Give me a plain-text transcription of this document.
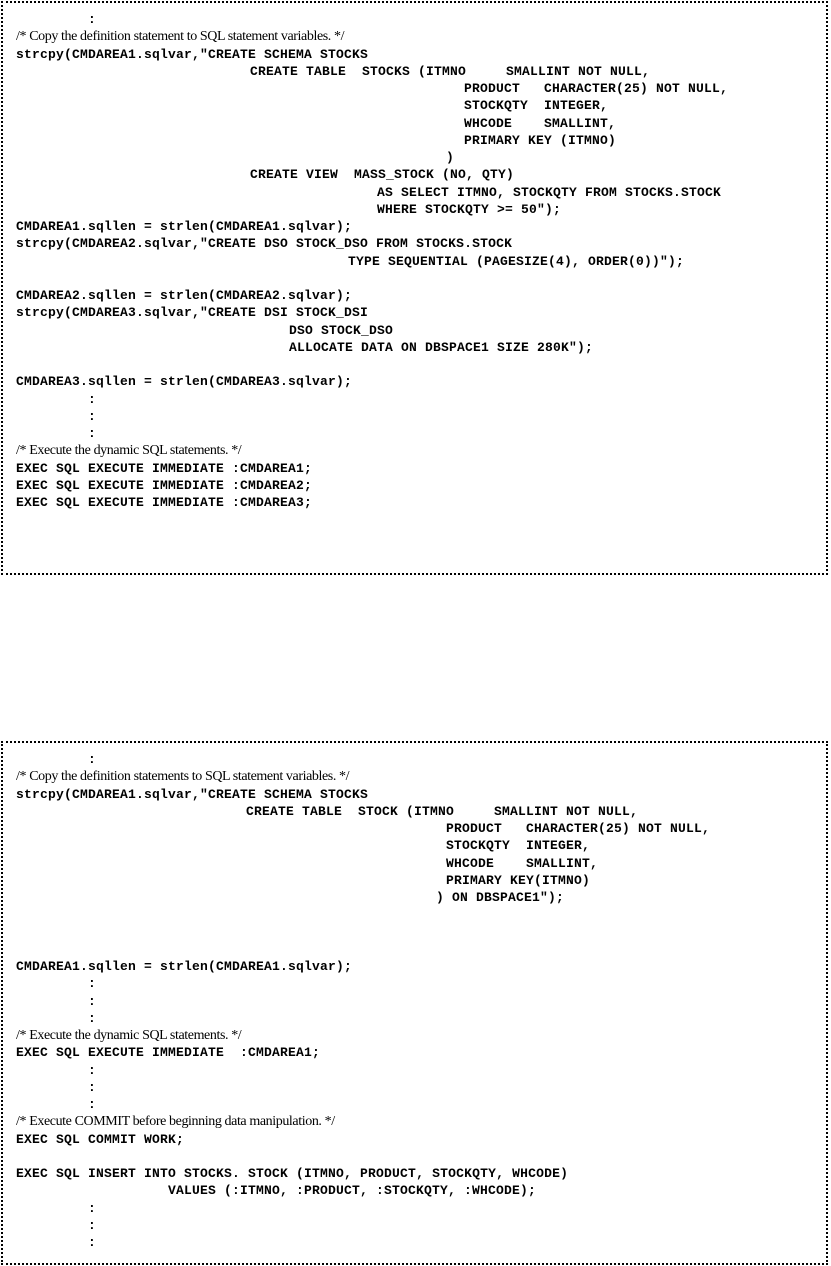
:
/* Copy the definition statement to SQL statement variables. */
strcpy(CMDAREA1.sqlvar,"CREATE SCHEMA STOCKS
CREATE TABLE  STOCKS (ITMNO     SMALLINT NOT NULL,
PRODUCT   CHARACTER(25) NOT NULL,
STOCKQTY  INTEGER,
WHCODE    SMALLINT,
PRIMARY KEY (ITMNO)
)
CREATE VIEW  MASS_STOCK (NO, QTY)
AS SELECT ITMNO, STOCKQTY FROM STOCKS.STOCK
WHERE STOCKQTY >= 50");
CMDAREA1.sqllen = strlen(CMDAREA1.sqlvar);
strcpy(CMDAREA2.sqlvar,"CREATE DSO STOCK_DSO FROM STOCKS.STOCK
TYPE SEQUENTIAL (PAGESIZE(4), ORDER(0))");
CMDAREA2.sqllen = strlen(CMDAREA2.sqlvar);
strcpy(CMDAREA3.sqlvar,"CREATE DSI STOCK_DSI
DSO STOCK_DSO
ALLOCATE DATA ON DBSPACE1 SIZE 280K");
CMDAREA3.sqllen = strlen(CMDAREA3.sqlvar);
:
:
:
/* Execute the dynamic SQL statements. */
EXEC SQL EXECUTE IMMEDIATE :CMDAREA1;
EXEC SQL EXECUTE IMMEDIATE :CMDAREA2;
EXEC SQL EXECUTE IMMEDIATE :CMDAREA3;
:
/* Copy the definition statements to SQL statement variables. */
strcpy(CMDAREA1.sqlvar,"CREATE SCHEMA STOCKS
CREATE TABLE  STOCK (ITMNO     SMALLINT NOT NULL,
PRODUCT   CHARACTER(25) NOT NULL,
STOCKQTY  INTEGER,
WHCODE    SMALLINT,
PRIMARY KEY(ITMNO)
) ON DBSPACE1");
CMDAREA1.sqllen = strlen(CMDAREA1.sqlvar);
:
:
:
/* Execute the dynamic SQL statements. */
EXEC SQL EXECUTE IMMEDIATE  :CMDAREA1;
:
:
:
/* Execute COMMIT before beginning data manipulation. */
EXEC SQL COMMIT WORK;
EXEC SQL INSERT INTO STOCKS. STOCK (ITMNO, PRODUCT, STOCKQTY, WHCODE)
VALUES (:ITMNO, :PRODUCT, :STOCKQTY, :WHCODE);
:
:
:
